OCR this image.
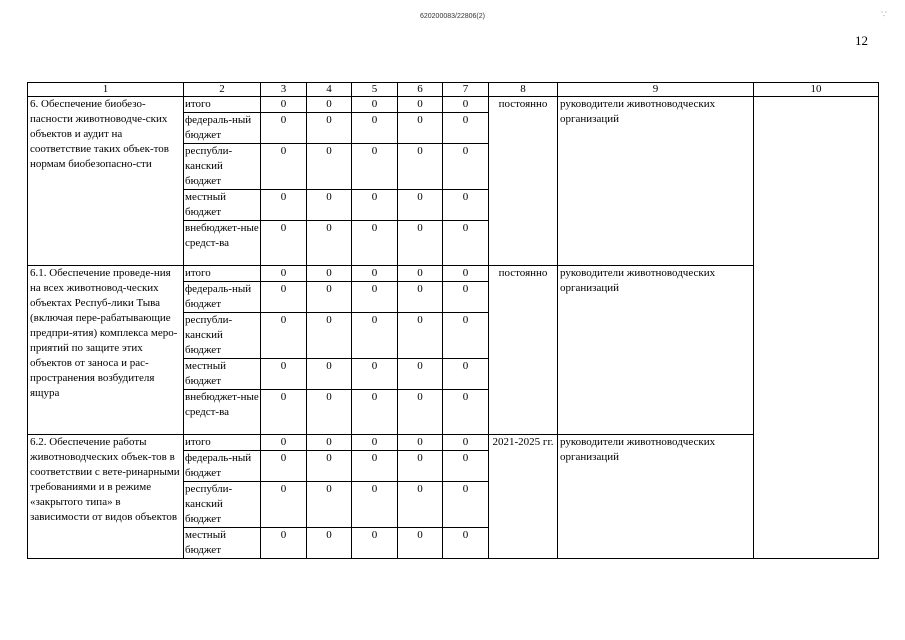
620200083/22806(2)
12
∵
1	2	3	4	5	6	7	8	9	10
6. Обеспечение биобезо-пасности животноводче-ских объектов и аудит на соответствие таких объек-тов нормам биобезопасно-сти	итого	0	0	0	0	0	постоянно	руководители животноводческих организаций	
	федераль-ный бюджет	0	0	0	0	0			
	республи-канский бюджет	0	0	0	0	0			
	местный бюджет	0	0	0	0	0			
	внебюджет-ные средст-ва	0	0	0	0	0			
6.1. Обеспечение проведе-ния на всех животновод-ческих объектах Респуб-лики Тыва (включая пере-рабатывающие предпри-ятия) комплекса меро-приятий по защите этих объектов от заноса и рас-пространения возбудителя ящура	итого	0	0	0	0	0	постоянно	руководители животноводческих организаций	
	федераль-ный бюджет	0	0	0	0	0			
	республи-канский бюджет	0	0	0	0	0			
	местный бюджет	0	0	0	0	0			
	внебюджет-ные средст-ва	0	0	0	0	0			
6.2. Обеспечение работы животноводческих объек-тов в соответствии с вете-ринарными требованиями и в режиме «закрытого типа» в зависимости от видов объектов	итого	0	0	0	0	0	2021-2025 гг.	руководители животноводческих организаций	
	федераль-ный бюджет	0	0	0	0	0			
	республи-канский бюджет	0	0	0	0	0			
	местный бюджет	0	0	0	0	0			
